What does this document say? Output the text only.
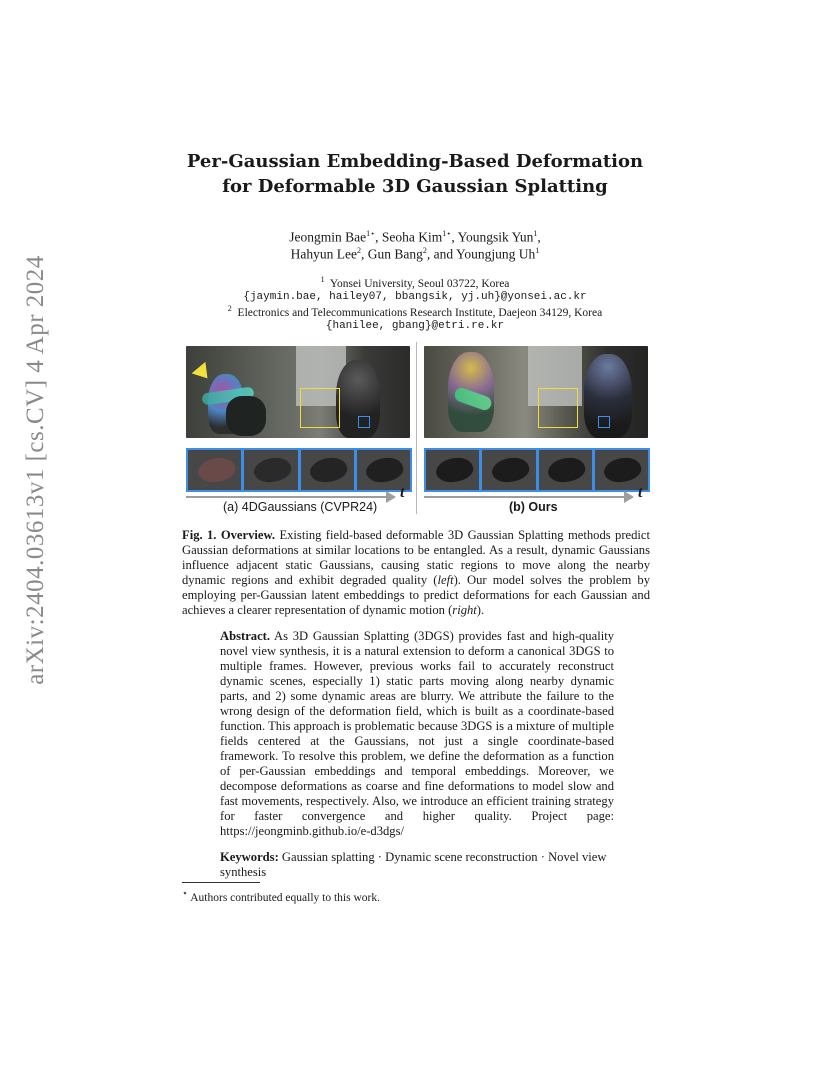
arXiv:2404.03613v1 [cs.CV] 4 Apr 2024
Per-Gaussian Embedding-Based Deformation
for Deformable 3D Gaussian Splatting
Jeongmin Bae$^{1⋆}$, Seoha Kim$^{1⋆}$, Youngsik Yun$^1$,
Hahyun Lee$^2$, Gun Bang$^2$, and Youngjung Uh$^1$
$^1$ Yonsei University, Seoul 03722, Korea
{jaymin.bae, hailey07, bbangsik, yj.uh}@yonsei.ac.kr
$^2$ Electronics and Telecommunications Research Institute, Daejeon 34129, Korea
{hanilee, gbang}@etri.re.kr
t	t
(a) 4DGaussians (CVPR24)	(b) Ours
Fig. 1. Overview. Existing field-based deformable 3D Gaussian Splatting methods predict Gaussian deformations at similar locations to be entangled. As a result, dynamic Gaussians influence adjacent static Gaussians, causing static regions to move along the nearby dynamic regions and exhibit degraded quality (left). Our model solves the problem by employing per-Gaussian latent embeddings to predict deformations for each Gaussian and achieves a clearer representation of dynamic motion (right).
Abstract. As 3D Gaussian Splatting (3DGS) provides fast and high-quality novel view synthesis, it is a natural extension to deform a canonical 3DGS to multiple frames. However, previous works fail to accurately reconstruct dynamic scenes, especially 1) static parts moving along nearby dynamic parts, and 2) some dynamic areas are blurry. We attribute the failure to the wrong design of the deformation field, which is built as a coordinate-based function. This approach is problematic because 3DGS is a mixture of multiple fields centered at the Gaussians, not just a single coordinate-based framework. To resolve this problem, we define the deformation as a function of per-Gaussian embeddings and temporal embeddings. Moreover, we decompose deformations as coarse and fine deformations to model slow and fast movements, respectively. Also, we introduce an efficient training strategy for faster convergence and higher quality. Project page: https://jeongminb.github.io/e-d3dgs/
Keywords: Gaussian splatting · Dynamic scene reconstruction · Novel view synthesis
⋆ Authors contributed equally to this work.
